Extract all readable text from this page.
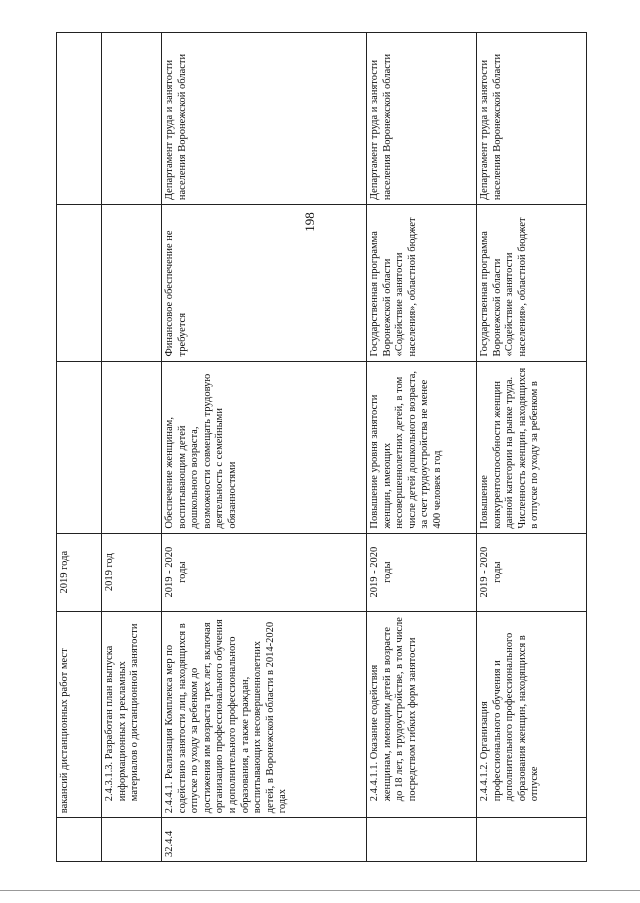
198
	вакансий дистанционных работ мест	2019 года			
	2.4.3.1.3. Разработан план выпуска информационных и рекламных материалов о дистанционной занятости	2019 год			
32.4.4	2.4.4.1. Реализация Комплекса мер по содействию занятости лиц, находящихся в отпуске по уходу за ребенком до достижения им возраста трех лет, включая организацию профессионального обучения и дополнительного профессионального образования, а также граждан, воспитывающих несовершеннолетних детей, в Воронежской области в 2014-2020 годах	2019 - 2020 годы	Обеспечение женщинам, воспитывающим детей дошкольного возраста, возможности совмещать трудовую деятельность с семейными обязанностями	Финансовое обеспечение не требуется	Департамент труда и занятости населения Воронежской области
	2.4.4.1.1. Оказание содействия женщинам, имеющим детей в возрасте до 18 лет, в трудоустройстве, в том числе посредством гибких форм занятости	2019 - 2020 годы	Повышение уровня занятости женщин, имеющих несовершеннолетних детей, в том числе детей дошкольного возраста, за счет трудоустройства не менее 400 человек в год	Государственная программа Воронежской области «Содействие занятости населения», областной бюджет	Департамент труда и занятости населения Воронежской области
	2.4.4.1.2. Организация профессионального обучения и дополнительного профессионального образования женщин, находящихся в отпуске	2019 - 2020 годы	Повышение конкурентоспособности женщин данной категории на рынке труда. Численность женщин, находящихся в отпуске по уходу за ребенком в	Государственная программа Воронежской области «Содействие занятости населения», областной бюджет	Департамент труда и занятости населения Воронежской области
